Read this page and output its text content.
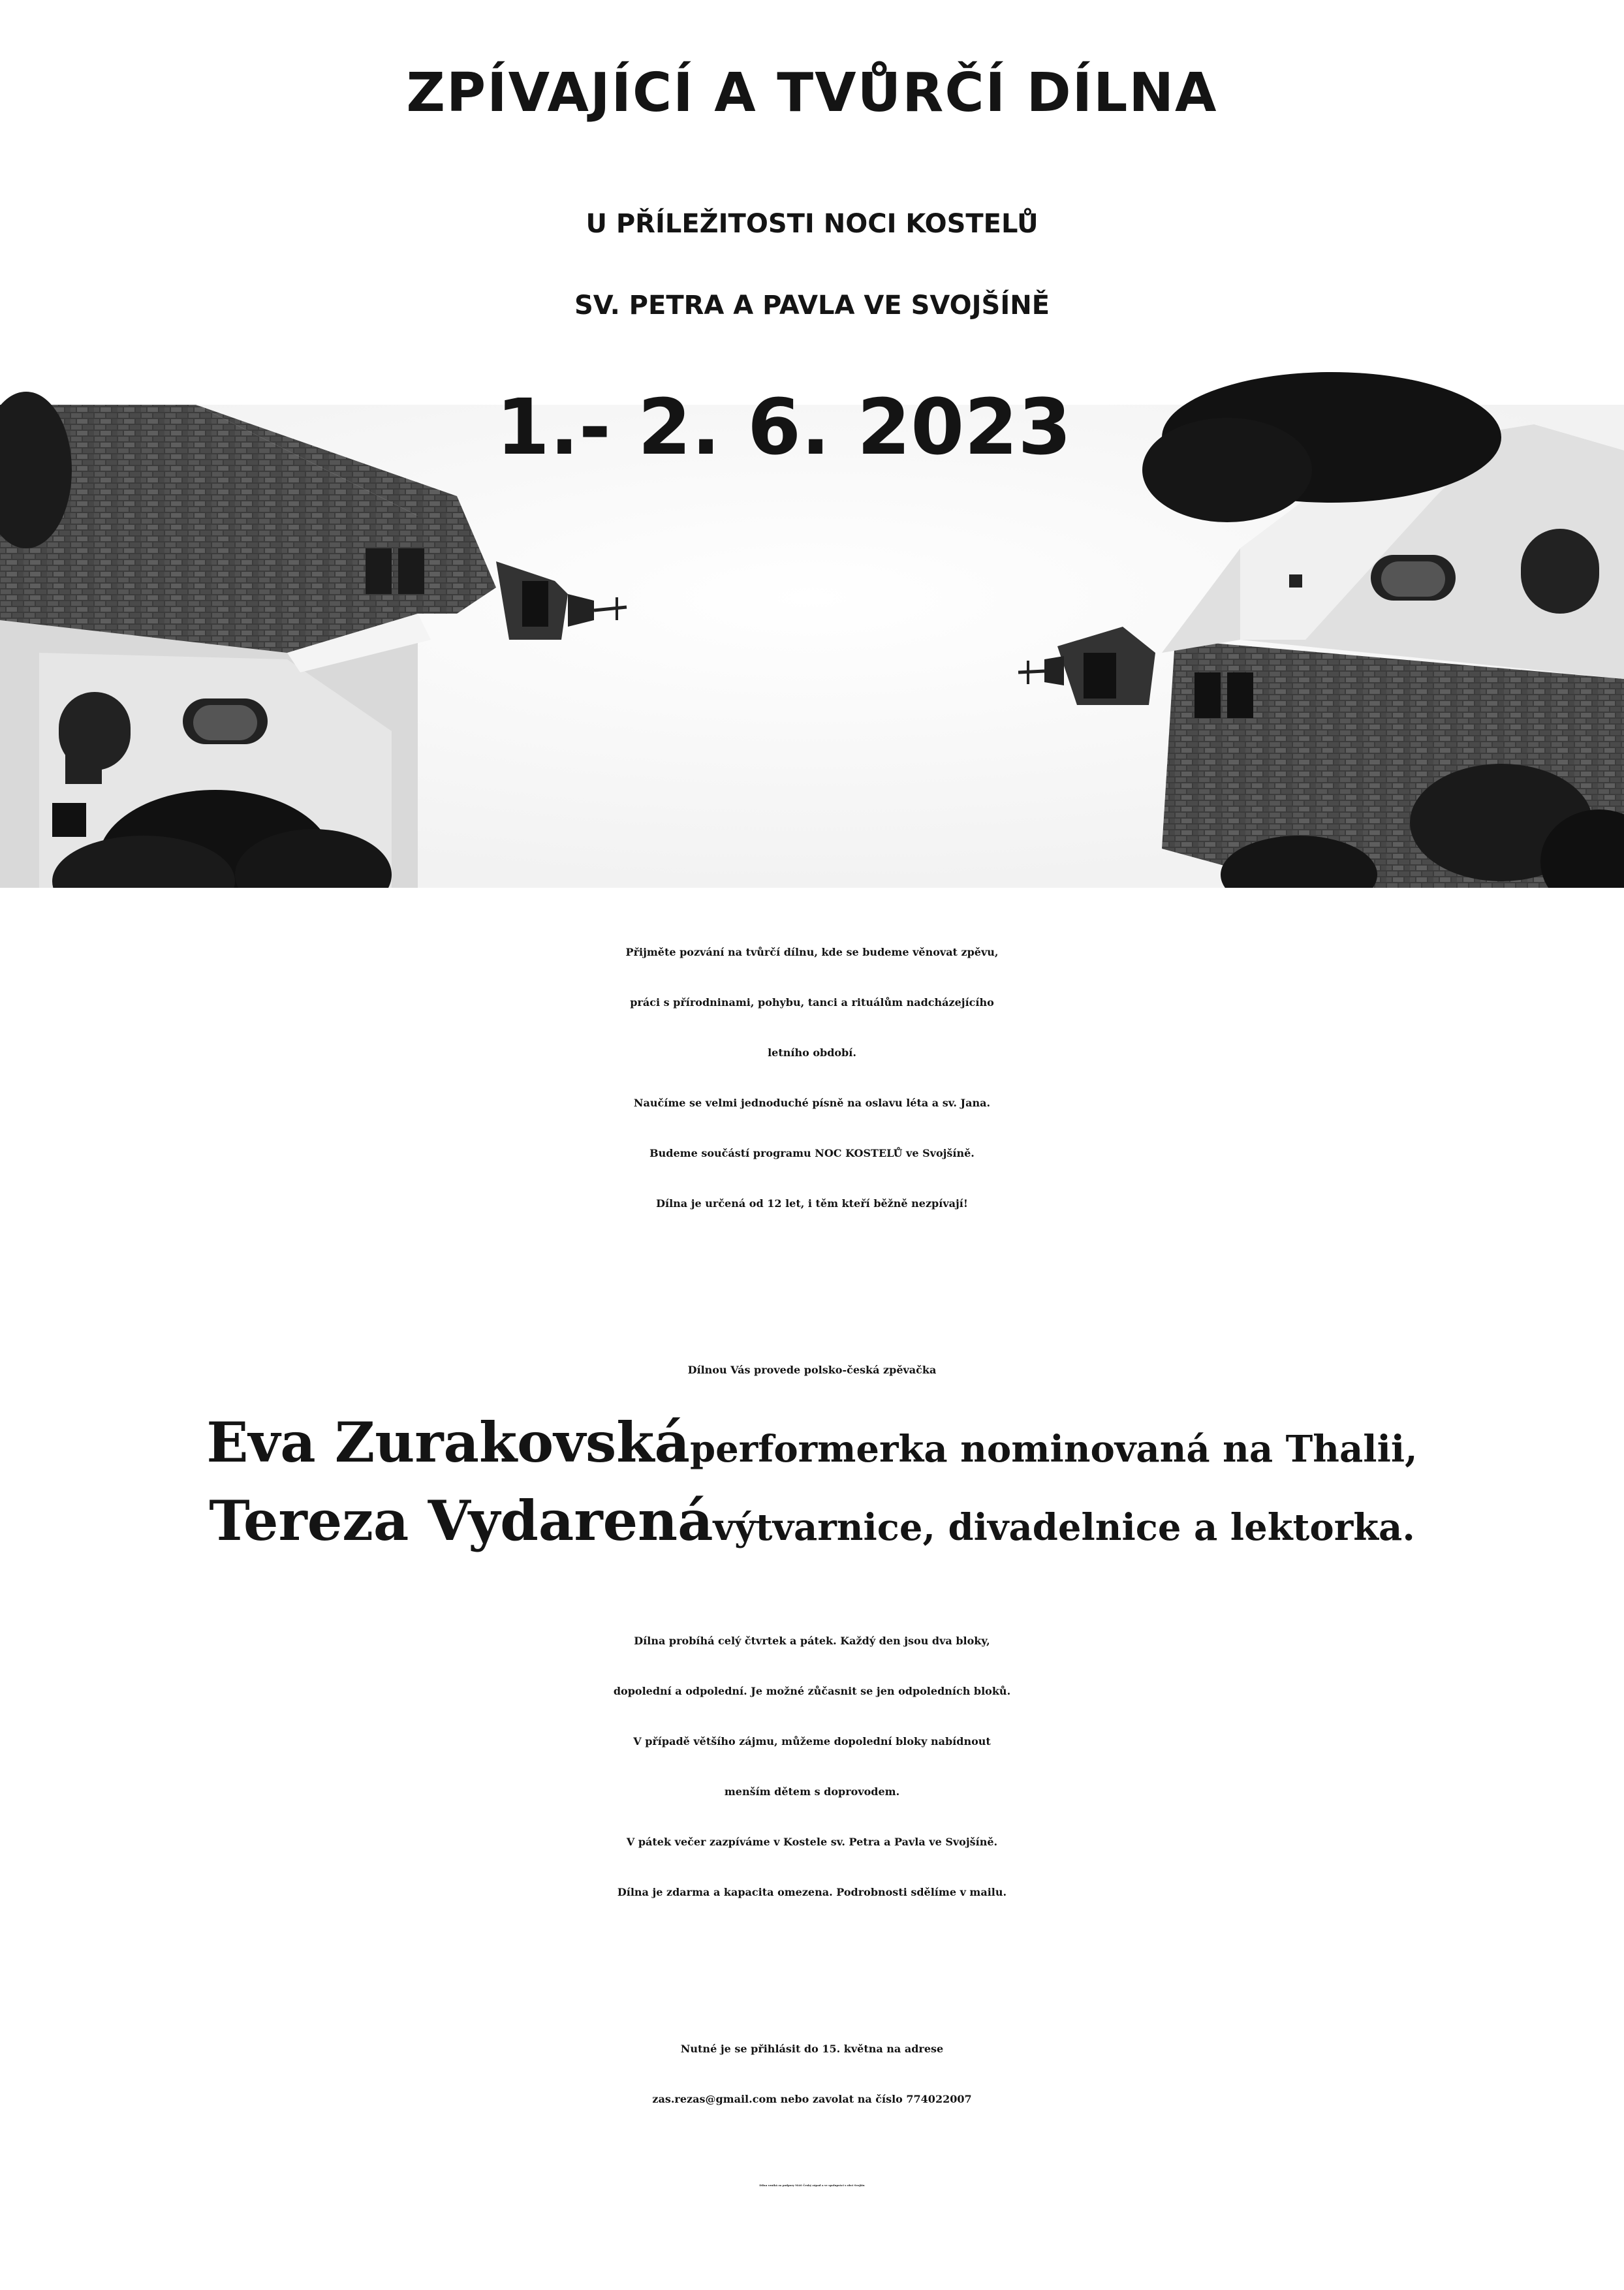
ZPÍVAJÍCÍ A TVŮRČÍ DÍLNA
U PŘÍLEŽITOSTI NOCI KOSTELŮ
SV. PETRA A PAVLA VE SVOJŠÍNĚ
1.- 2. 6. 2023
Přijměte pozvání na tvůrčí dílnu, kde se budeme věnovat zpěvu,
práci s přírodninami, pohybu, tanci a rituálům nadcházejícího
letního období.
Naučíme se velmi jednoduché písně na oslavu léta a sv. Jana.
Budeme součástí programu NOC KOSTELŮ ve Svojšíně.
Dílna je určená od 12 let, i těm kteří běžně nezpívají!
Dílnou Vás provede polsko-česká zpěvačka
Eva Zurakovská performerka nominovaná na Thalii,
Tereza Vydarená výtvarnice, divadelnice a lektorka.
Dílna probíhá celý čtvrtek a pátek. Každý den jsou dva bloky,
dopolední a odpolední. Je možné zůčasnit se jen odpoledních bloků.
V případě většího zájmu, můžeme dopolední bloky nabídnout
menším dětem s doprovodem.
V pátek večer zazpíváme v Kostele sv. Petra a Pavla ve Svojšíně.
Dílna je zdarma a kapacita omezena. Podrobnosti sdělíme v mailu.
Nutné je se přihlásit do 15. května na adrese
zas.rezas@gmail.com nebo zavolat na číslo 774022007
Dílna vzniká za podpory MAS Český západ a ve spolupráci s obcí Svojšín
